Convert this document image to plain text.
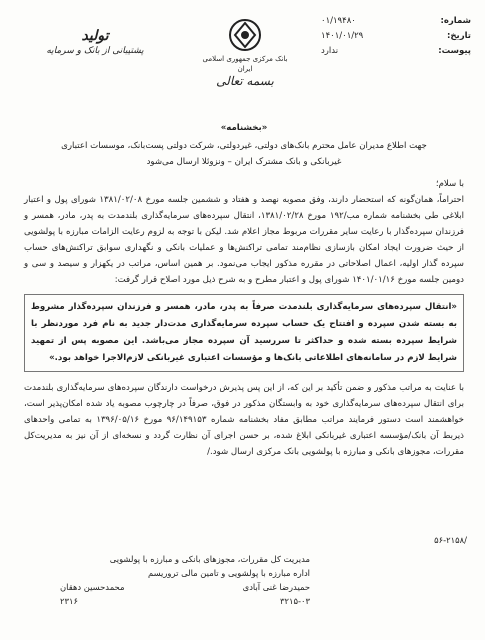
شماره:
۰۱/۱۹۴۸۰
تاریخ:
۱۴۰۱/۰۱/۲۹
پیوست:
ندارد
بانک مرکزی جمهوری اسلامی ایران
بسمه تعالی
تولید
پشتیبانی از بانک و سرمایه
«بخشنامه»
جهت اطلاع مدیران عامل محترم بانک‌های دولتی، غیردولتی، شرکت دولتی پست‌بانک، موسسات اعتباری
غیربانکی و بانک مشترک ایران – ونزوئلا ارسال می‌شود
با سلام؛

احتراماً، همان‌گونه که استحضار دارند، وفق مصوبه نهصد و هفتاد و ششمین جلسه مورخ ۱۳۸۱/۰۲/۰۸ شورای پول و اعتبار ابلاغی طی بخشنامه شماره مب/۱۹۲ مورخ ۱۳۸۱/۰۲/۲۸، انتقال سپرده‌های سرمایه‌گذاری بلندمدت به پدر، مادر، همسر و فرزندان سپرده‌گذار با رعایت سایر مقررات مربوط مجاز اعلام شد. لیکن با توجه به لزوم رعایت الزامات مبارزه با پولشویی از حیث ضرورت ایجاد امکان بازسازی نظام‌مند تمامی تراکنش‌ها و عملیات بانکی و نگهداری سوابق تراکنش‌های حساب سپرده گذار اولیه، اعمال اصلاحاتی در مقرره مذکور ایجاب می‌نمود. بر همین اساس، مراتب در یکهزار و سیصد و سی و دومین جلسه مورخ ۱۴۰۱/۰۱/۱۶ شورای پول و اعتبار مطرح و به شرح ذیل مورد اصلاح قرار گرفت:

«انتقال سپرده‌های سرمایه‌گذاری بلندمدت صرفاً به پدر، مادر، همسر و فرزندان سپرده‌گذار مشروط به بسته شدن سپرده و افتتاح یک حساب سپرده سرمایه‌گذاری مدت‌دار جدید به نام فرد موردنظر با شرایط سپرده بسته شده و حداکثر تا سررسید آن سپرده مجاز می‌باشد. این مصوبه پس از تمهید شرایط لازم در سامانه‌های اطلاعاتی بانک‌ها و مؤسسات اعتباری غیربانکی لازم‌الاجرا خواهد بود.»

با عنایت به مراتب مذکور و ضمن تأکید بر این که، از این پس پذیرش درخواست دارندگان سپرده‌های سرمایه‌گذاری بلندمدت برای انتقال سپرده‌های سرمایه‌گذاری خود به وابستگان مذکور در فوق، صرفاً در چارچوب مصوبه یاد شده امکان‌پذیر است، خواهشمند است دستور فرمایند مراتب مطابق مفاد بخشنامه شماره ۹۶/۱۴۹۱۵۳ مورخ ۱۳۹۶/۰۵/۱۶ به تمامی واحدهای ذیربط آن بانک/مؤسسه اعتباری غیربانکی ابلاغ شده، بر حسن اجرای آن نظارت گردد و نسخه‌ای از آن نیز به مدیریت‌کل مقررات، مجوزهای بانکی و مبارزه با پولشویی بانک مرکزی ارسال شود./

۵۶-۲۱۵۸/
مدیریت کل مقررات، مجوزهای بانکی و مبارزه با پولشویی
اداره مبارزه با پولشویی و تامین مالی تروریسم
حمیدرضا غنی آبادی
محمدحسین دهقان
۳۲۱۵-۰۳
۲۳۱۶
